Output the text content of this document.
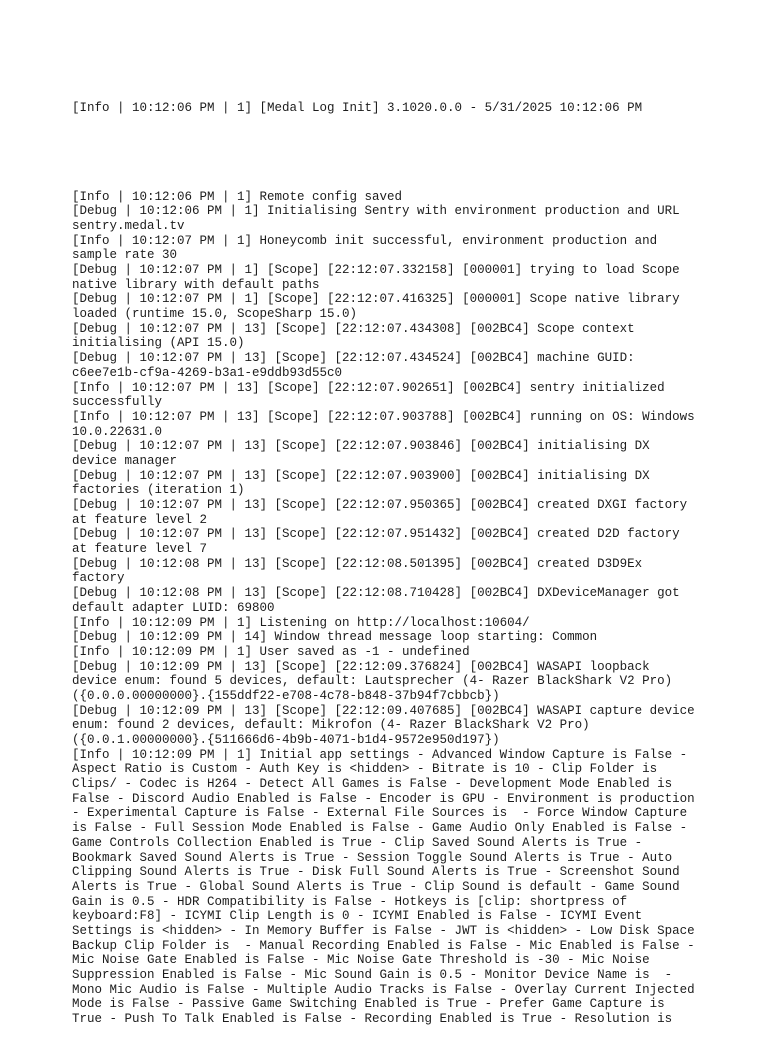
[Info | 10:12:06 PM | 1] [Medal Log Init] 3.1020.0.0 - 5/31/2025 10:12:06 PM

[Info | 10:12:06 PM | 1] Remote config saved
[Debug | 10:12:06 PM | 1] Initialising Sentry with environment production and URL
sentry.medal.tv
[Info | 10:12:07 PM | 1] Honeycomb init successful, environment production and
sample rate 30
[Debug | 10:12:07 PM | 1] [Scope] [22:12:07.332158] [000001] trying to load Scope
native library with default paths
[Debug | 10:12:07 PM | 1] [Scope] [22:12:07.416325] [000001] Scope native library
loaded (runtime 15.0, ScopeSharp 15.0)
[Debug | 10:12:07 PM | 13] [Scope] [22:12:07.434308] [002BC4] Scope context
initialising (API 15.0)
[Debug | 10:12:07 PM | 13] [Scope] [22:12:07.434524] [002BC4] machine GUID:
c6ee7e1b-cf9a-4269-b3a1-e9ddb93d55c0
[Info | 10:12:07 PM | 13] [Scope] [22:12:07.902651] [002BC4] sentry initialized
successfully
[Info | 10:12:07 PM | 13] [Scope] [22:12:07.903788] [002BC4] running on OS: Windows
10.0.22631.0
[Debug | 10:12:07 PM | 13] [Scope] [22:12:07.903846] [002BC4] initialising DX
device manager
[Debug | 10:12:07 PM | 13] [Scope] [22:12:07.903900] [002BC4] initialising DX
factories (iteration 1)
[Debug | 10:12:07 PM | 13] [Scope] [22:12:07.950365] [002BC4] created DXGI factory
at feature level 2
[Debug | 10:12:07 PM | 13] [Scope] [22:12:07.951432] [002BC4] created D2D factory
at feature level 7
[Debug | 10:12:08 PM | 13] [Scope] [22:12:08.501395] [002BC4] created D3D9Ex
factory
[Debug | 10:12:08 PM | 13] [Scope] [22:12:08.710428] [002BC4] DXDeviceManager got
default adapter LUID: 69800
[Info | 10:12:09 PM | 1] Listening on http://localhost:10604/
[Debug | 10:12:09 PM | 14] Window thread message loop starting: Common
[Info | 10:12:09 PM | 1] User saved as -1 - undefined
[Debug | 10:12:09 PM | 13] [Scope] [22:12:09.376824] [002BC4] WASAPI loopback
device enum: found 5 devices, default: Lautsprecher (4- Razer BlackShark V2 Pro)
({0.0.0.00000000}.{155ddf22-e708-4c78-b848-37b94f7cbbcb})
[Debug | 10:12:09 PM | 13] [Scope] [22:12:09.407685] [002BC4] WASAPI capture device
enum: found 2 devices, default: Mikrofon (4- Razer BlackShark V2 Pro)
({0.0.1.00000000}.{511666d6-4b9b-4071-b1d4-9572e950d197})
[Info | 10:12:09 PM | 1] Initial app settings - Advanced Window Capture is False -
Aspect Ratio is Custom - Auth Key is <hidden> - Bitrate is 10 - Clip Folder is
Clips/ - Codec is H264 - Detect All Games is False - Development Mode Enabled is
False - Discord Audio Enabled is False - Encoder is GPU - Environment is production
- Experimental Capture is False - External File Sources is  - Force Window Capture
is False - Full Session Mode Enabled is False - Game Audio Only Enabled is False -
Game Controls Collection Enabled is True - Clip Saved Sound Alerts is True -
Bookmark Saved Sound Alerts is True - Session Toggle Sound Alerts is True - Auto
Clipping Sound Alerts is True - Disk Full Sound Alerts is True - Screenshot Sound
Alerts is True - Global Sound Alerts is True - Clip Sound is default - Game Sound
Gain is 0.5 - HDR Compatibility is False - Hotkeys is [clip: shortpress of
keyboard:F8] - ICYMI Clip Length is 0 - ICYMI Enabled is False - ICYMI Event
Settings is <hidden> - In Memory Buffer is False - JWT is <hidden> - Low Disk Space
Backup Clip Folder is  - Manual Recording Enabled is False - Mic Enabled is False -
Mic Noise Gate Enabled is False - Mic Noise Gate Threshold is -30 - Mic Noise
Suppression Enabled is False - Mic Sound Gain is 0.5 - Monitor Device Name is  -
Mono Mic Audio is False - Multiple Audio Tracks is False - Overlay Current Injected
Mode is False - Passive Game Switching Enabled is True - Prefer Game Capture is
True - Push To Talk Enabled is False - Recording Enabled is True - Resolution is
